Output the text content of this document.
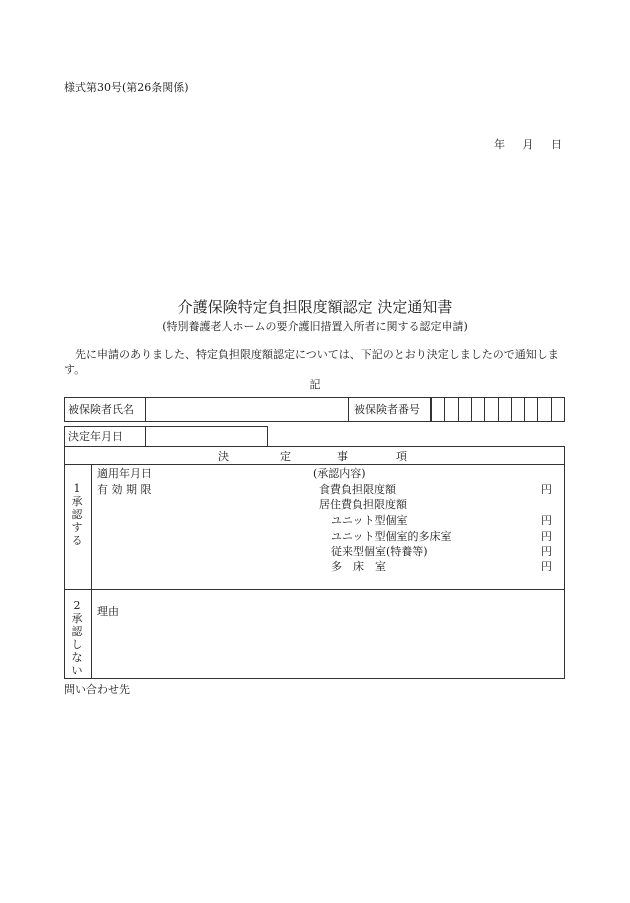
様式第30号(第26条関係)
年 月 日
介護保険特定負担限度額認定 決定通知書
(特別養護老人ホームの要介護旧措置入所者に関する認定申請)
先に申請のありました、特定負担限度額認定については、下記のとおり決定しましたので通知します。
記
被保険者氏名	被保険者番号
決定年月日
決	定	事	項
1承認する
適用年月日
有 効 期 限
(承認内容)
食費負担限度額	円
居住費負担限度額
ユニット型個室	円
ユニット型個室的多床室	円
従来型個室(特養等)	円
多　床　室	円
2承認しない
理由
問い合わせ先
